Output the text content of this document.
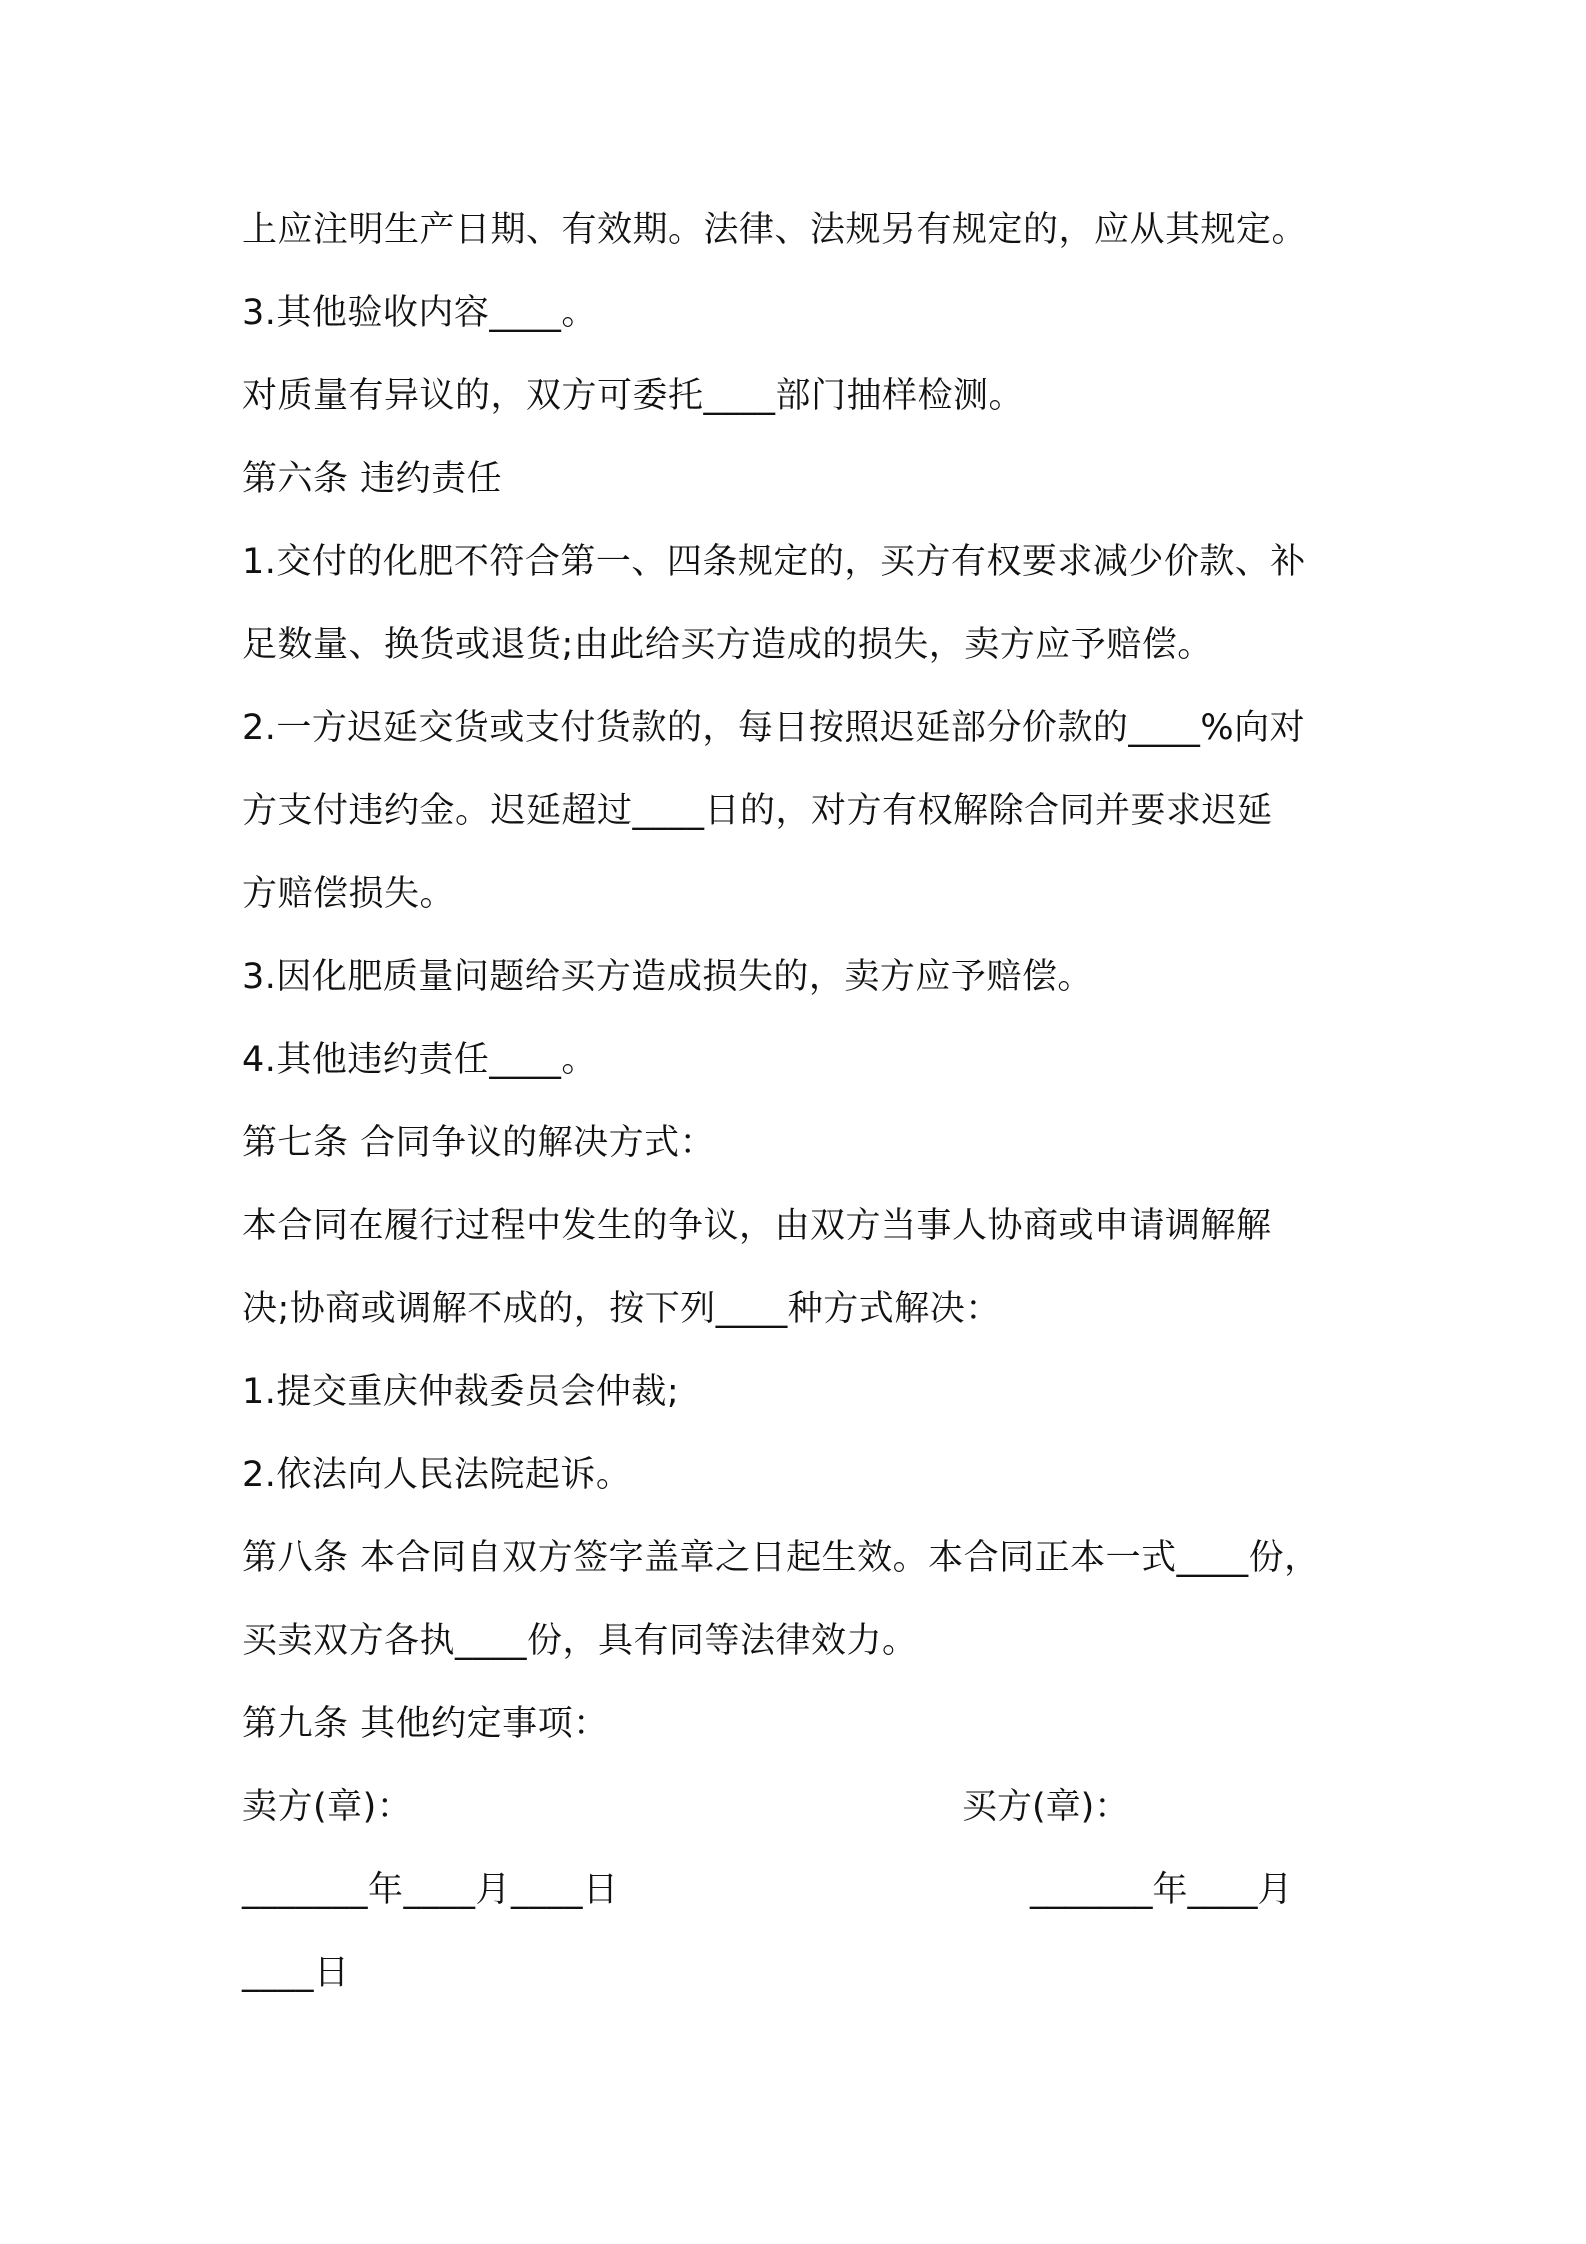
上应注明生产日期、有效期。法律、法规另有规定的，应从其规定。
3.其他验收内容____。
对质量有异议的，双方可委托____部门抽样检测。
第六条 违约责任
1.交付的化肥不符合第一、四条规定的，买方有权要求减少价款、补
足数量、换货或退货;由此给买方造成的损失，卖方应予赔偿。
2.一方迟延交货或支付货款的，每日按照迟延部分价款的____%向对
方支付违约金。迟延超过____日的，对方有权解除合同并要求迟延
方赔偿损失。
3.因化肥质量问题给买方造成损失的，卖方应予赔偿。
4.其他违约责任____。
第七条 合同争议的解决方式：
本合同在履行过程中发生的争议，由双方当事人协商或申请调解解
决;协商或调解不成的，按下列____种方式解决：
1.提交重庆仲裁委员会仲裁;
2.依法向人民法院起诉。
第八条 本合同自双方签字盖章之日起生效。本合同正本一式____份，
买卖双方各执____份，具有同等法律效力。
第九条 其他约定事项：
卖方(章)：	买方(章)：
_______年____月____日	_______年____月
____日
